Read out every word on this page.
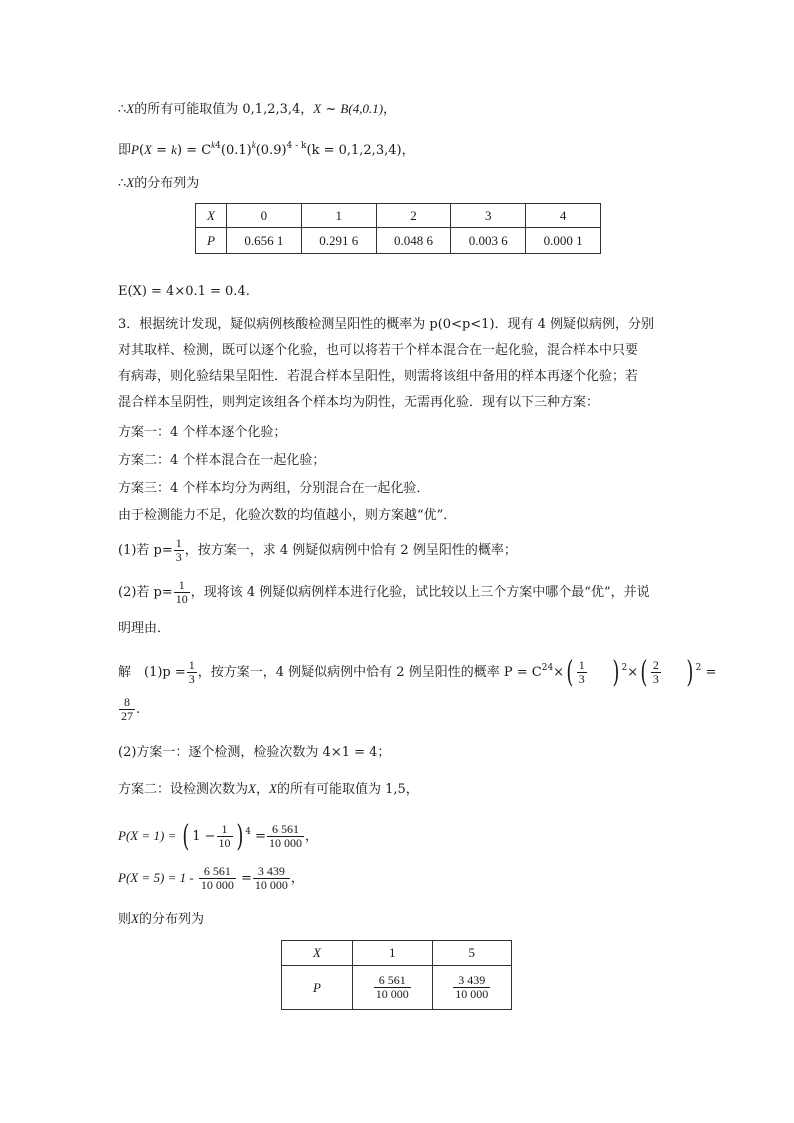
∴X的所有可能取值为 0,1,2,3,4，X ~ B(4,0.1)，
即$P(X = k) = C^{k4}(0.1)^k(0.9)^{4 - k}(k = 0,1,2,3,4)$，
∴X的分布列为
X	0	1	2	3	4
P	0.656 1	0.291 6	0.048 6	0.003 6	0.000 1
E(X) = 4×0.1 = 0.4.
3．根据统计发现，疑似病例核酸检测呈阳性的概率为 p(0<p<1)．现有 4 例疑似病例，分别
对其取样、检测，既可以逐个化验，也可以将若干个样本混合在一起化验，混合样本中只要
有病毒，则化验结果呈阳性．若混合样本呈阳性，则需将该组中备用的样本再逐个化验；若
混合样本呈阴性，则判定该组各个样本均为阴性，无需再化验．现有以下三种方案：
方案一：4 个样本逐个化验；
方案二：4 个样本混合在一起化验；
方案三：4 个样本均分为两组，分别混合在一起化验．
由于检测能力不足，化验次数的均值越小，则方案越“优”．
(1)若 $p= \frac{1}{3}$ ，按方案一，求 4 例疑似病例中恰有 2 例呈阳性的概率；
(2)若 $p= \frac{1}{10}$ ，现将该 4 例疑似病例样本进行化验，试比较以上三个方案中哪个最“优”，并说
明理由．
解　$(1)p = \frac{1}{3}$ ，按方案一，4 例疑似病例中恰有 2 例呈阳性的概率 $P = C^{24}\times( \frac{1}{3}$ ) $^2\times( \frac{2}{3}$ ) $^2$ =
$\frac{8}{27}$ .
(2)方案一：逐个检测，检验次数为 4×1 = 4；
方案二：设检测次数为X，X的所有可能取值为 1,5，
P(X = 1) = ( $1 - \frac{1}{10}$ ) $^4 = \frac{6 561}{10 000}$ ，
$P(X = 5) = 1 - \frac{6 561}{10 000} = \frac{3 439}{10 000}$ ，
则X的分布列为
X	1	5
P	$\frac{6 561}{10 000}$	$\frac{3 439}{10 000}$
